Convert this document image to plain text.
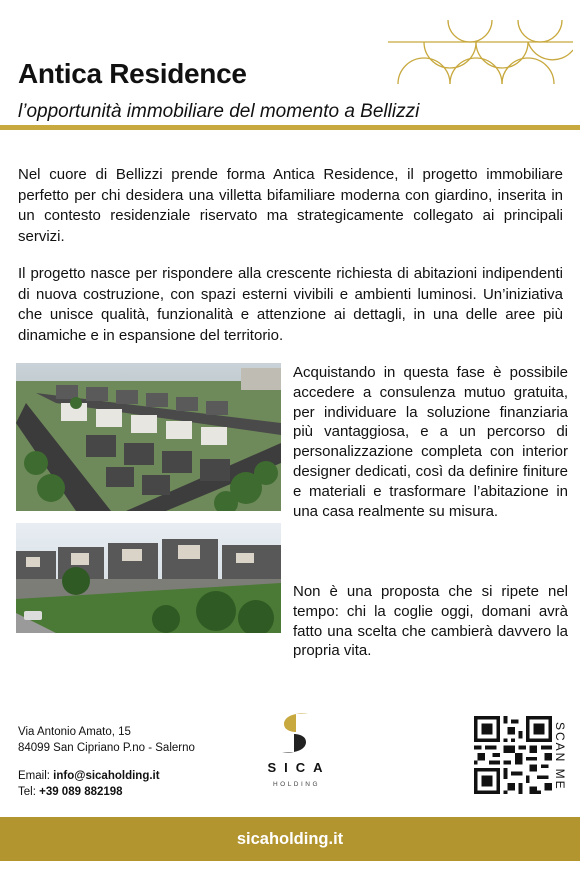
Antica Residence
l’opportunità immobiliare del momento a Bellizzi
Nel cuore di Bellizzi prende forma Antica Residence, il progetto immobiliare perfetto per chi desidera una villetta bifamiliare moderna con giardino, inserita in un contesto residenziale riservato ma strategicamente collegato ai principali servizi.
Il progetto nasce per rispondere alla crescente richiesta di abitazioni indipendenti di nuova costruzione, con spazi esterni vivibili e ambienti luminosi. Un’iniziativa che unisce qualità, funzionalità e attenzione ai dettagli, in una delle aree più dinamiche e in espansione del territorio.
Acquistando in questa fase è possibile accedere a consulenza mutuo gratuita, per individuare la soluzione finanziaria più vantaggiosa, e a un percorso di personalizzazione completa con interior designer dedicati, così da definire finiture e materiali e trasformare l’abitazione in una casa realmente su misura.
Non è una proposta che si ripete nel tempo: chi la coglie oggi, domani avrà fatto una scelta che cambierà davvero la propria vita.
Via Antonio Amato, 15
84099 San Cipriano P.no - Salerno
Email: info@sicaholding.it
Tel: +39 089 882198
SICA
HOLDING	SCAN ME
sicaholding.it
